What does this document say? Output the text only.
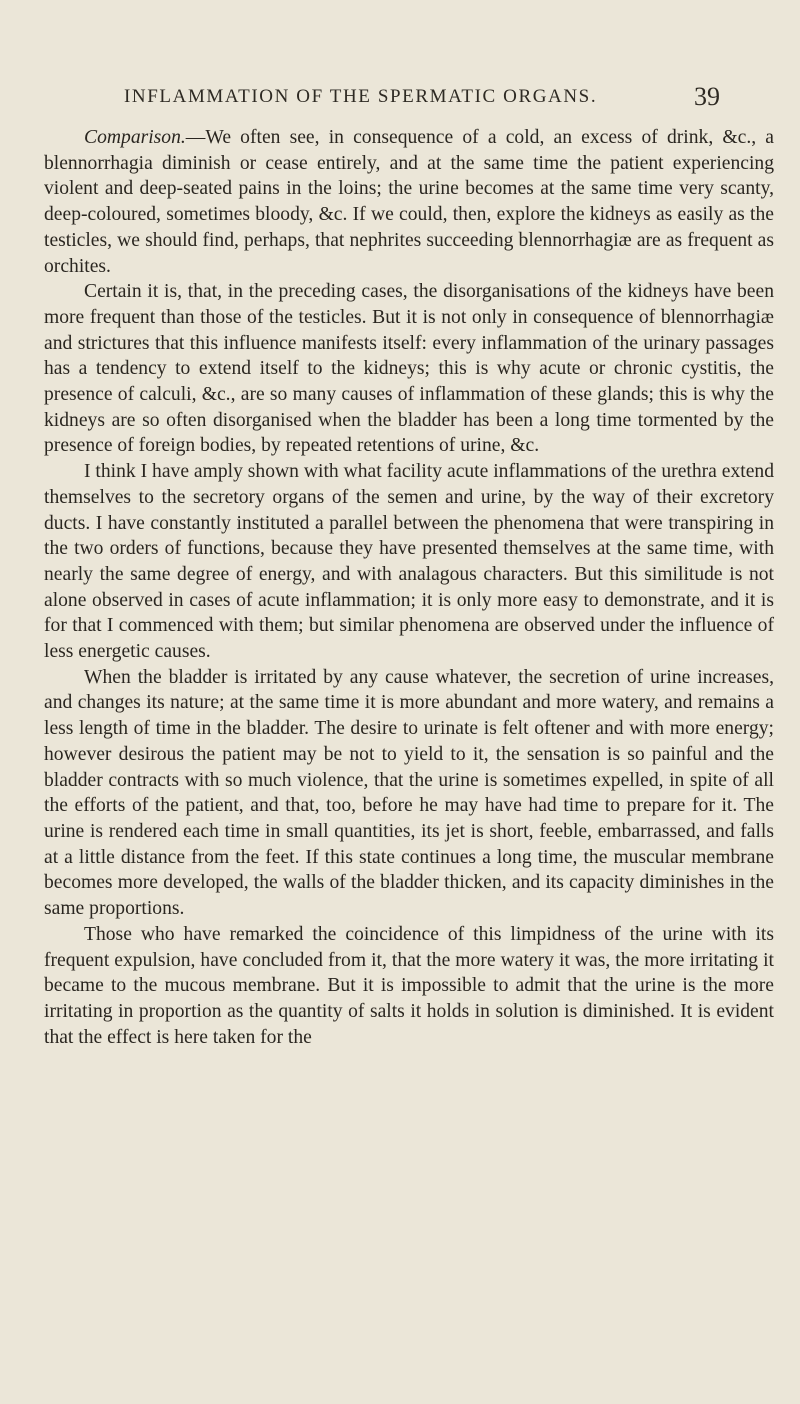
INFLAMMATION OF THE SPERMATIC ORGANS.	39

Comparison.—We often see, in consequence of a cold, an excess of drink, &c., a blennorrhagia diminish or cease entirely, and at the same time the patient experiencing violent and deep-seated pains in the loins; the urine becomes at the same time very scanty, deep-coloured, sometimes bloody, &c. If we could, then, explore the kidneys as easily as the testicles, we should find, perhaps, that nephrites succeeding blennorrhagiæ are as frequent as orchites.

Certain it is, that, in the preceding cases, the disorganisations of the kidneys have been more frequent than those of the testicles. But it is not only in consequence of blennorrhagiæ and strictures that this influence manifests itself: every inflammation of the urinary passages has a tendency to extend itself to the kidneys; this is why acute or chronic cystitis, the presence of calculi, &c., are so many causes of inflammation of these glands; this is why the kidneys are so often disorganised when the bladder has been a long time tormented by the presence of foreign bodies, by repeated retentions of urine, &c.

I think I have amply shown with what facility acute inflammations of the urethra extend themselves to the secretory organs of the semen and urine, by the way of their excretory ducts. I have constantly instituted a parallel between the phenomena that were transpiring in the two orders of functions, because they have presented themselves at the same time, with nearly the same degree of energy, and with analagous characters. But this similitude is not alone observed in cases of acute inflammation; it is only more easy to demonstrate, and it is for that I commenced with them; but similar phenomena are observed under the influence of less energetic causes.

When the bladder is irritated by any cause whatever, the secretion of urine increases, and changes its nature; at the same time it is more abundant and more watery, and remains a less length of time in the bladder. The desire to urinate is felt oftener and with more energy; however desirous the patient may be not to yield to it, the sensation is so painful and the bladder contracts with so much violence, that the urine is sometimes expelled, in spite of all the efforts of the patient, and that, too, before he may have had time to prepare for it. The urine is rendered each time in small quantities, its jet is short, feeble, embarrassed, and falls at a little distance from the feet. If this state continues a long time, the muscular membrane becomes more developed, the walls of the bladder thicken, and its capacity diminishes in the same proportions.

Those who have remarked the coincidence of this limpidness of the urine with its frequent expulsion, have concluded from it, that the more watery it was, the more irritating it became to the mucous membrane. But it is impossible to admit that the urine is the more irritating in proportion as the quantity of salts it holds in solution is diminished. It is evident that the effect is here taken for the
